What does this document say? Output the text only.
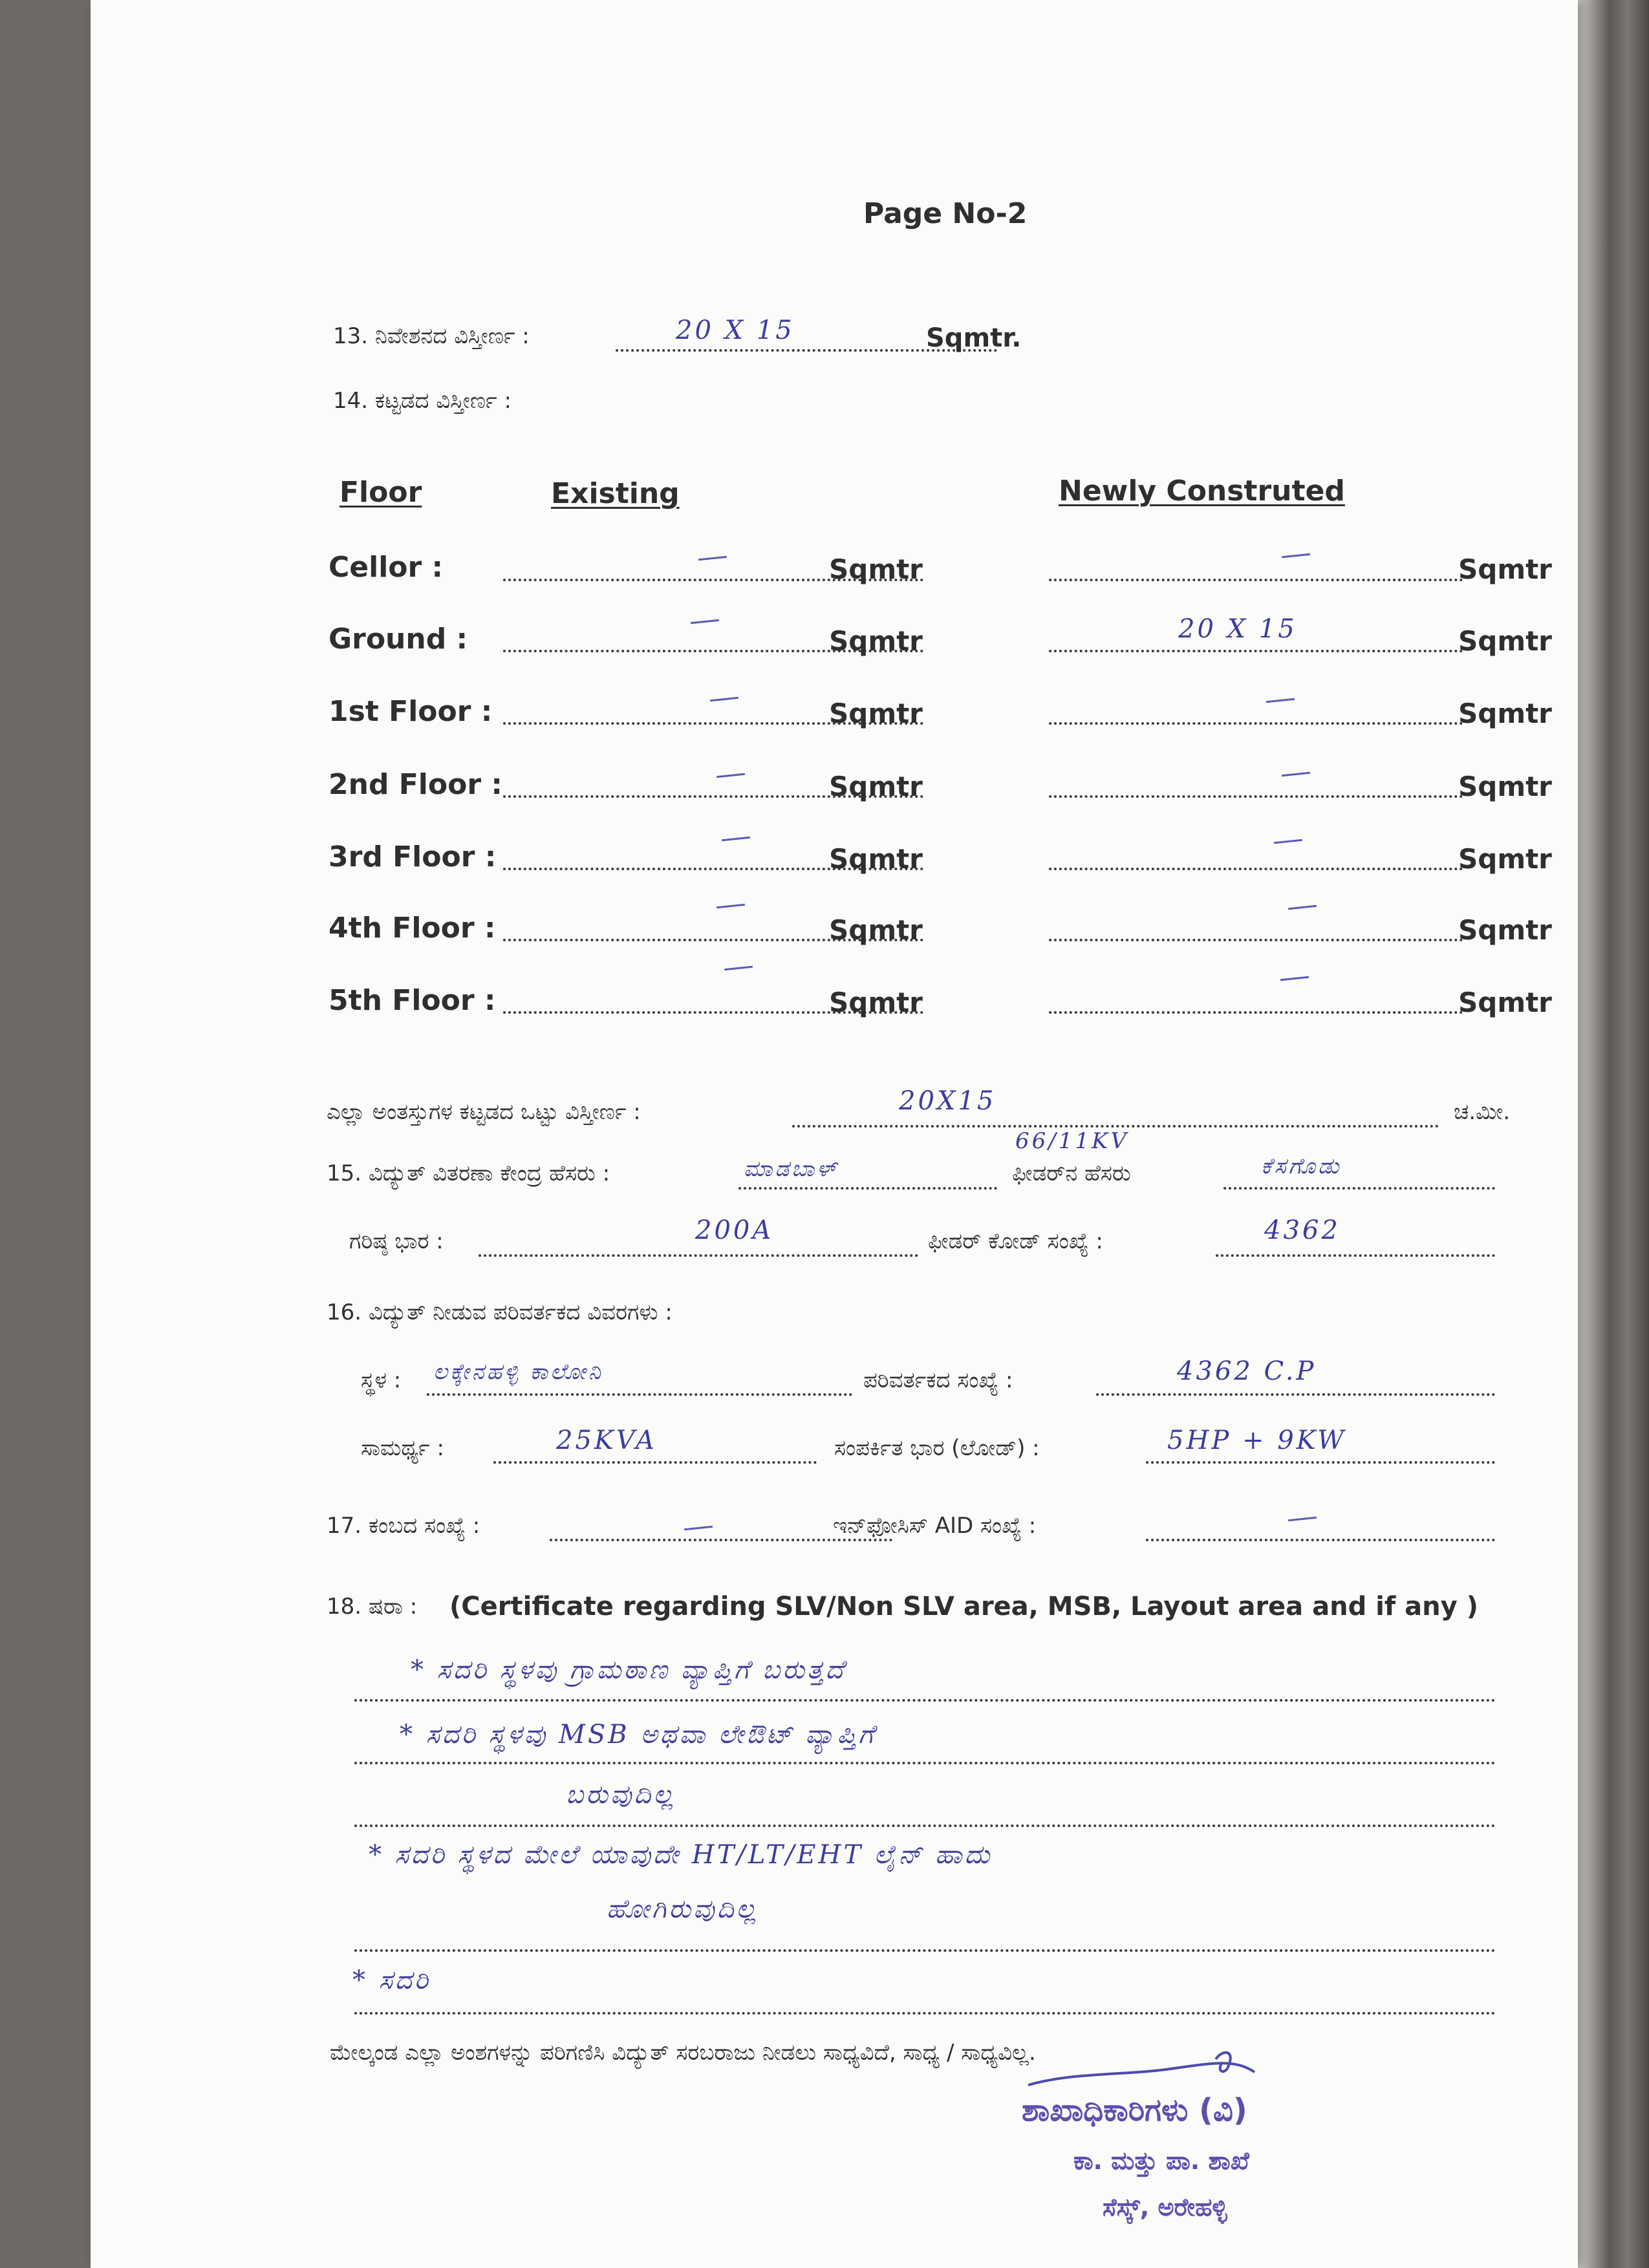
Page No-2
13. ನಿವೇಶನದ ವಿಸ್ತೀರ್ಣ :	20 X 15	Sqmtr.
14. ಕಟ್ಟಡದ ವಿಸ್ತೀರ್ಣ :
Floor	Existing	Newly Construted
Cellor :	Sqmtr	Sqmtr
Ground :	Sqmtr	20 X 15	Sqmtr
1st Floor :	Sqmtr	Sqmtr
2nd Floor :	Sqmtr	Sqmtr
3rd Floor :	Sqmtr	Sqmtr
4th Floor :	Sqmtr	Sqmtr
5th Floor :	Sqmtr	Sqmtr
ಎಲ್ಲಾ ಅಂತಸ್ತುಗಳ ಕಟ್ಟಡದ ಒಟ್ಟು ವಿಸ್ತೀರ್ಣ :	20X15	ಚ.ಮೀ.
15. ವಿದ್ಯುತ್ ವಿತರಣಾ ಕೇಂದ್ರ ಹೆಸರು :	ಮಾಡಬಾಳ್
66/11KV
ಫೀಡರ್‌ನ ಹೆಸರು	ಕೆಸಗೊಡು
ಗರಿಷ್ಠ ಭಾರ :	200A	ಫೀಡರ್ ಕೋಡ್ ಸಂಖ್ಯೆ :	4362
16. ವಿದ್ಯುತ್ ನೀಡುವ ಪರಿವರ್ತಕದ ವಿವರಗಳು :
ಸ್ಥಳ : ಲಕ್ಕೇನಹಳ್ಳಿ ಕಾಲೋನಿ	ಪರಿವರ್ತಕದ ಸಂಖ್ಯೆ :	4362 C.P
ಸಾಮರ್ಥ್ಯ :	25KVA	ಸಂಪರ್ಕಿತ ಭಾರ (ಲೋಡ್) :	5HP + 9KW
17. ಕಂಬದ ಸಂಖ್ಯೆ :	ಇನ್‌ಫೋಸಿಸ್ AID ಸಂಖ್ಯೆ :
18. ಷರಾ : (Certificate regarding SLV/Non SLV area, MSB, Layout area and if any )
* ಸದರಿ ಸ್ಥಳವು ಗ್ರಾಮಠಾಣ ವ್ಯಾಪ್ತಿಗೆ ಬರುತ್ತದೆ
* ಸದರಿ ಸ್ಥಳವು MSB ಅಥವಾ ಲೇಔಟ್ ವ್ಯಾಪ್ತಿಗೆ
ಬರುವುದಿಲ್ಲ
* ಸದರಿ ಸ್ಥಳದ ಮೇಲೆ ಯಾವುದೇ HT/LT/EHT ಲೈನ್ ಹಾದು
ಹೋಗಿರುವುದಿಲ್ಲ
* ಸದರಿ
ಮೇಲ್ಕಂಡ ಎಲ್ಲಾ ಅಂಶಗಳನ್ನು ಪರಿಗಣಿಸಿ ವಿದ್ಯುತ್ ಸರಬರಾಜು ನೀಡಲು ಸಾಧ್ಯವಿದೆ, ಸಾಧ್ಯ / ಸಾಧ್ಯವಿಲ್ಲ.
ಶಾಖಾಧಿಕಾರಿಗಳು (ವಿ)
ಕಾ. ಮತ್ತು ಪಾ. ಶಾಖೆ
ಸೆಸ್ಕ್, ಅರೇಹಳ್ಳಿ
